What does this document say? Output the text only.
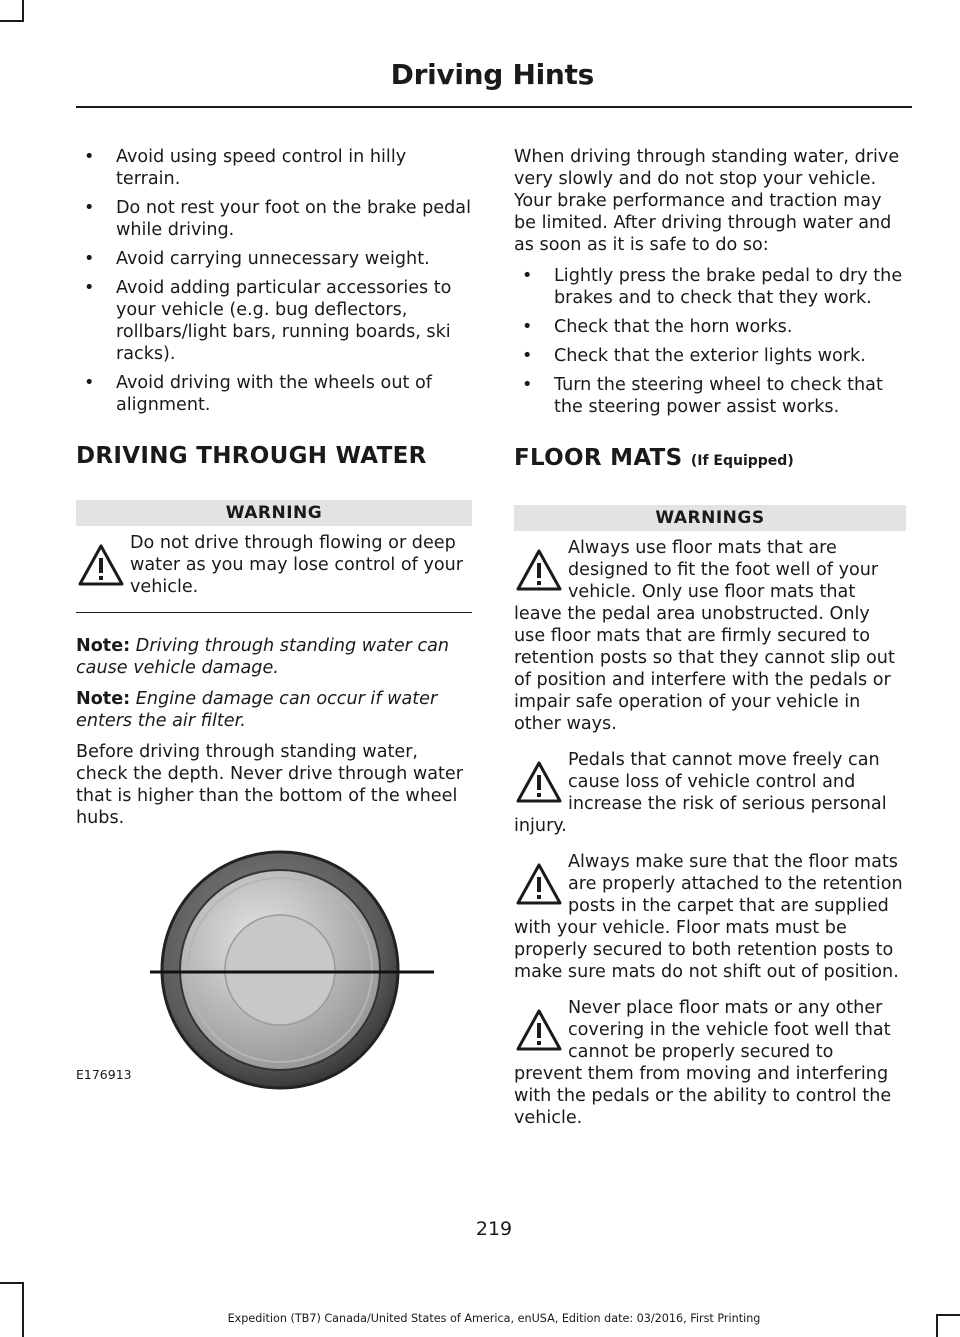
Driving Hints
• Avoid using speed control in hilly terrain.
• Do not rest your foot on the brake pedal while driving.
• Avoid carrying unnecessary weight.
• Avoid adding particular accessories to your vehicle (e.g. bug deflectors, rollbars/light bars, running boards, ski racks).
• Avoid driving with the wheels out of alignment.
DRIVING THROUGH WATER
WARNING
Do not drive through flowing or deep water as you may lose control of your vehicle.

Note: Driving through standing water can cause vehicle damage.

Note: Engine damage can occur if water enters the air filter.

Before driving through standing water, check the depth. Never drive through water that is higher than the bottom of the wheel hubs.

E176913

When driving through standing water, drive very slowly and do not stop your vehicle. Your brake performance and traction may be limited. After driving through water and as soon as it is safe to do so:

• Lightly press the brake pedal to dry the brakes and to check that they work.
• Check that the horn works.
• Check that the exterior lights work.
• Turn the steering wheel to check that the steering power assist works.
FLOOR MATS (If Equipped)
WARNINGS
Always use floor mats that are designed to fit the foot well of your vehicle. Only use floor mats that leave the pedal area unobstructed. Only use floor mats that are firmly secured to retention posts so that they cannot slip out of position and interfere with the pedals or impair safe operation of your vehicle in other ways.
Pedals that cannot move freely can cause loss of vehicle control and increase the risk of serious personal injury.
Always make sure that the floor mats are properly attached to the retention posts in the carpet that are supplied with your vehicle. Floor mats must be properly secured to both retention posts to make sure mats do not shift out of position.
Never place floor mats or any other covering in the vehicle foot well that cannot be properly secured to prevent them from moving and interfering with the pedals or the ability to control the vehicle.
219
Expedition (TB7) Canada/United States of America, enUSA, Edition date: 03/2016, First Printing
